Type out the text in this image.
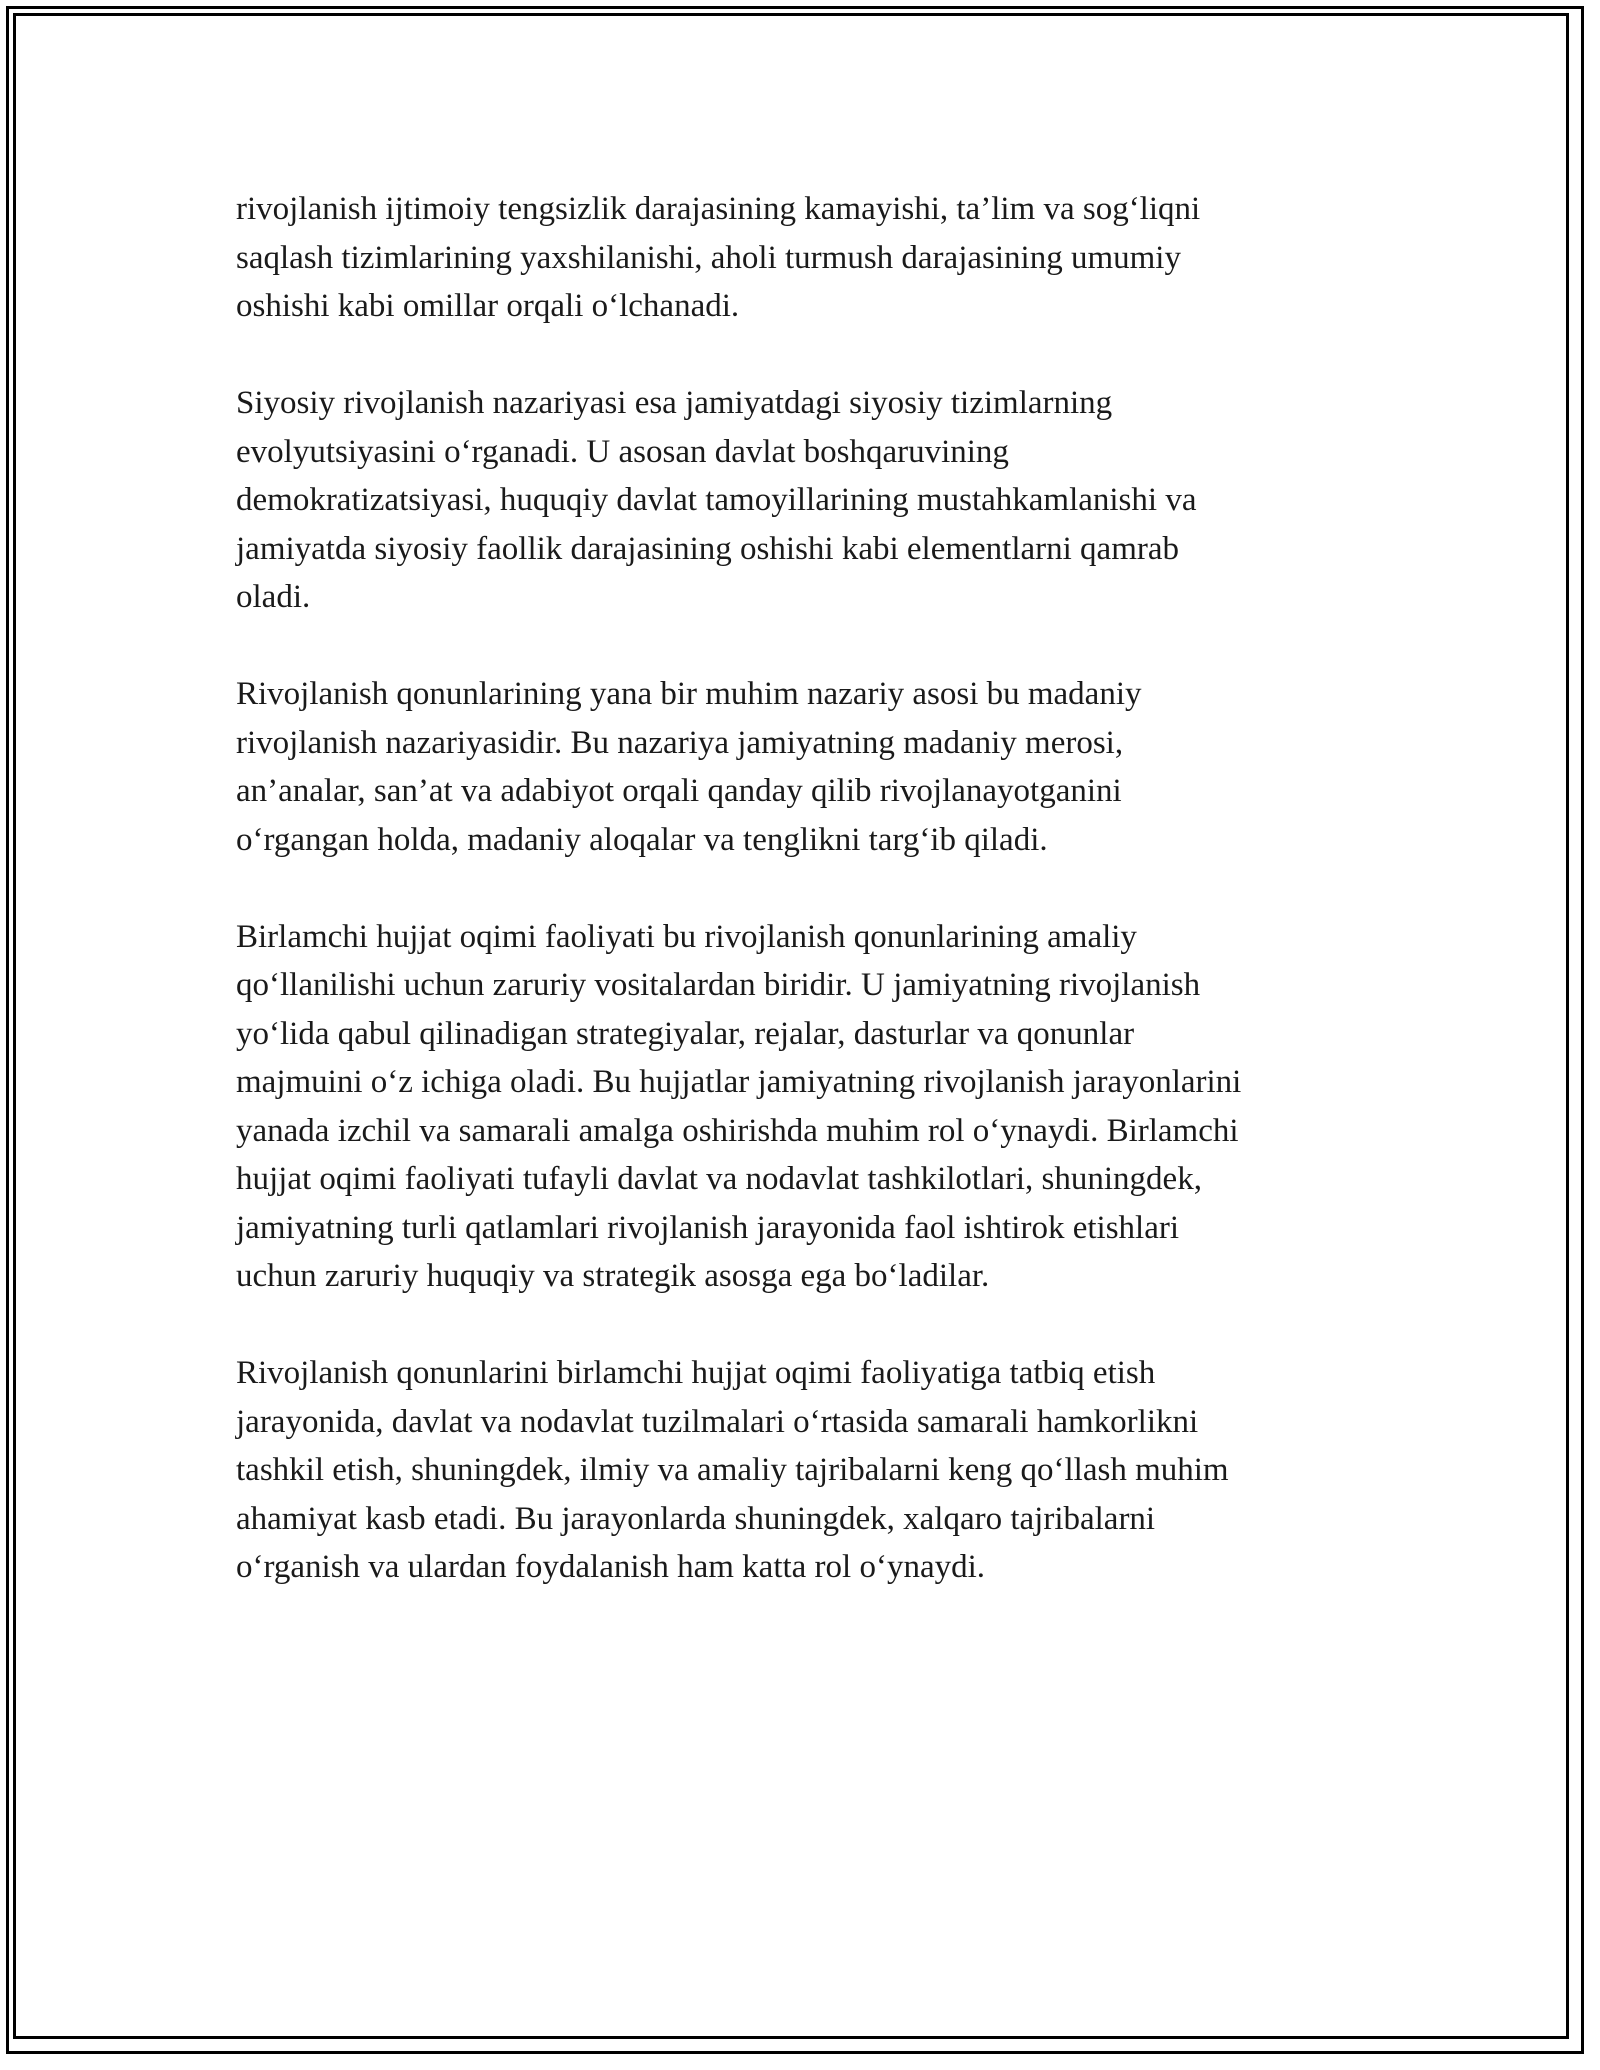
rivojlanish ijtimoiy tengsizlik darajasining kamayishi, ta’lim va sog‘liqni
saqlash tizimlarining yaxshilanishi, aholi turmush darajasining umumiy
oshishi kabi omillar orqali o‘lchanadi.

Siyosiy rivojlanish nazariyasi esa jamiyatdagi siyosiy tizimlarning
evolyutsiyasini o‘rganadi. U asosan davlat boshqaruvining
demokratizatsiyasi, huquqiy davlat tamoyillarining mustahkamlanishi va
jamiyatda siyosiy faollik darajasining oshishi kabi elementlarni qamrab
oladi.

Rivojlanish qonunlarining yana bir muhim nazariy asosi bu madaniy
rivojlanish nazariyasidir. Bu nazariya jamiyatning madaniy merosi,
an’analar, san’at va adabiyot orqali qanday qilib rivojlanayotganini
o‘rgangan holda, madaniy aloqalar va tenglikni targ‘ib qiladi.

Birlamchi hujjat oqimi faoliyati bu rivojlanish qonunlarining amaliy
qo‘llanilishi uchun zaruriy vositalardan biridir. U jamiyatning rivojlanish
yo‘lida qabul qilinadigan strategiyalar, rejalar, dasturlar va qonunlar
majmuini o‘z ichiga oladi. Bu hujjatlar jamiyatning rivojlanish jarayonlarini
yanada izchil va samarali amalga oshirishda muhim rol o‘ynaydi. Birlamchi
hujjat oqimi faoliyati tufayli davlat va nodavlat tashkilotlari, shuningdek,
jamiyatning turli qatlamlari rivojlanish jarayonida faol ishtirok etishlari
uchun zaruriy huquqiy va strategik asosga ega bo‘ladilar.

Rivojlanish qonunlarini birlamchi hujjat oqimi faoliyatiga tatbiq etish
jarayonida, davlat va nodavlat tuzilmalari o‘rtasida samarali hamkorlikni
tashkil etish, shuningdek, ilmiy va amaliy tajribalarni keng qo‘llash muhim
ahamiyat kasb etadi. Bu jarayonlarda shuningdek, xalqaro tajribalarni
o‘rganish va ulardan foydalanish ham katta rol o‘ynaydi.
